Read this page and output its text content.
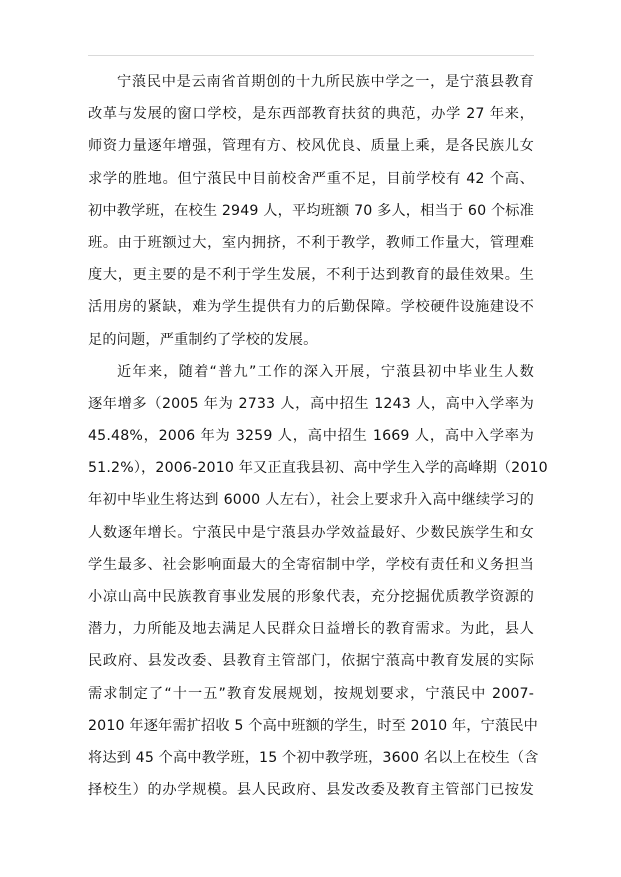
宁蒗民中是云南省首期创的十九所民族中学之一，是宁蒗县教育
改革与发展的窗口学校，是东西部教育扶贫的典范，办学 27 年来，
师资力量逐年增强，管理有方、校风优良、质量上乘，是各民族儿女
求学的胜地。但宁蒗民中目前校舍严重不足，目前学校有 42 个高、
初中教学班，在校生 2949 人，平均班额 70 多人，相当于 60 个标准
班。由于班额过大，室内拥挤，不利于教学，教师工作量大，管理难
度大，更主要的是不利于学生发展，不利于达到教育的最佳效果。生
活用房的紧缺，难为学生提供有力的后勤保障。学校硬件设施建设不
足的问题，严重制约了学校的发展。

近年来，随着“普九”工作的深入开展，宁蒗县初中毕业生人数
逐年增多（2005 年为 2733 人，高中招生 1243 人，高中入学率为
45.48%，2006 年为 3259 人，高中招生 1669 人，高中入学率为
51.2%），2006-2010 年又正直我县初、高中学生入学的高峰期（2010
年初中毕业生将达到 6000 人左右），社会上要求升入高中继续学习的
人数逐年增长。宁蒗民中是宁蒗县办学效益最好、少数民族学生和女
学生最多、社会影响面最大的全寄宿制中学，学校有责任和义务担当
小凉山高中民族教育事业发展的形象代表，充分挖掘优质教学资源的
潜力，力所能及地去满足人民群众日益增长的教育需求。为此，县人
民政府、县发改委、县教育主管部门，依据宁蒗高中教育发展的实际
需求制定了“十一五”教育发展规划，按规划要求，宁蒗民中 2007-
2010 年逐年需扩招收 5 个高中班额的学生，时至 2010 年，宁蒗民中
将达到 45 个高中教学班，15 个初中教学班，3600 名以上在校生（含
择校生）的办学规模。县人民政府、县发改委及教育主管部门已按发
